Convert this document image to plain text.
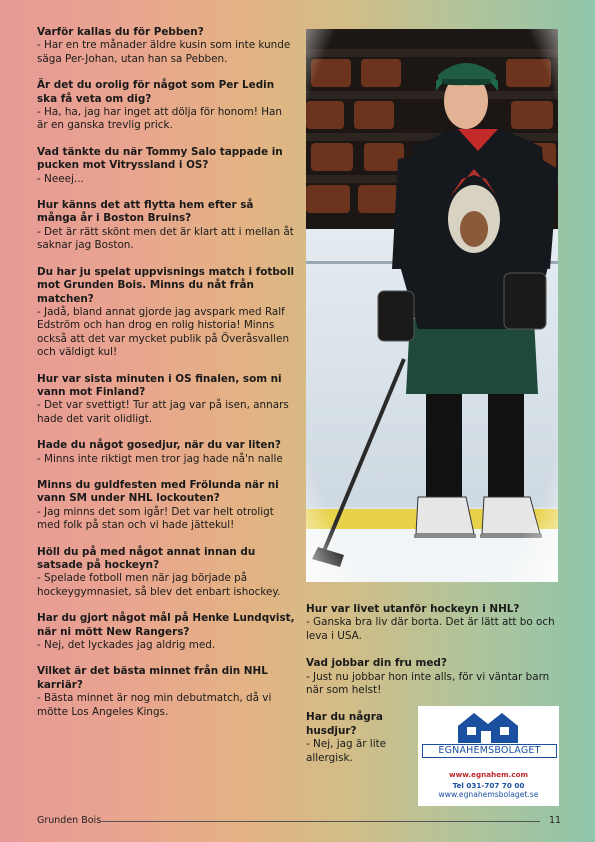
Varför kallas du för Pebben?

- Har en tre månader äldre kusin som inte kunde säga Per-Johan, utan han sa Pebben.

Är det du orolig för något som Per Ledin ska få veta om dig?

- Ha, ha, jag har inget att dölja för honom! Han är en ganska trevlig prick.

Vad tänkte du när Tommy Salo tappade in pucken mot Vitryssland i OS?

- Neeej...

Hur känns det att flytta hem efter så många år i Boston Bruins?

- Det är rätt skönt men det är klart att i mellan åt saknar jag Boston.

Du har ju spelat uppvisnings match i fotboll mot Grunden Bois. Minns du nåt från matchen?

- Jadå, bland annat gjorde jag avspark med Ralf Edström och han drog en rolig historia! Minns också att det var mycket publik på Överåsvallen och väldigt kul!

Hur var sista minuten i OS finalen, som ni vann mot Finland?

- Det var svettigt! Tur att jag var på isen, annars hade det varit olidligt.

Hade du något gosedjur, när du var liten?

- Minns inte riktigt men tror jag hade nå'n nalle

Minns du guldfesten med Frölunda när ni vann SM under NHL lockouten?

- Jag minns det som igår! Det var helt otroligt med folk på stan och vi hade jättekul!

Höll du på med något annat innan du satsade på hockeyn?

- Spelade fotboll men när jag började på hockeygymnasiet, så blev det enbart ishockey.

Har du gjort något mål på Henke Lundqvist, när ni mött New Rangers?

- Nej, det lyckades jag aldrig med.

Vilket är det bästa minnet från din NHL karriär?

- Bästa minnet är nog min debutmatch, då vi mötte Los Angeles Kings.

Hur var livet utanför hockeyn i NHL?

- Ganska bra liv där borta. Det är lätt att bo och leva i USA.

Vad jobbar din fru med?

- Just nu jobbar hon inte alls, för vi väntar barn när som helst!

Har du några husdjur?

- Nej, jag är lite allergisk.

EGNAHEMSBOLAGET
www.egnahem.com
Tel 031-707 70 00
www.egnahemsbolaget.se
Grunden Bois	11
